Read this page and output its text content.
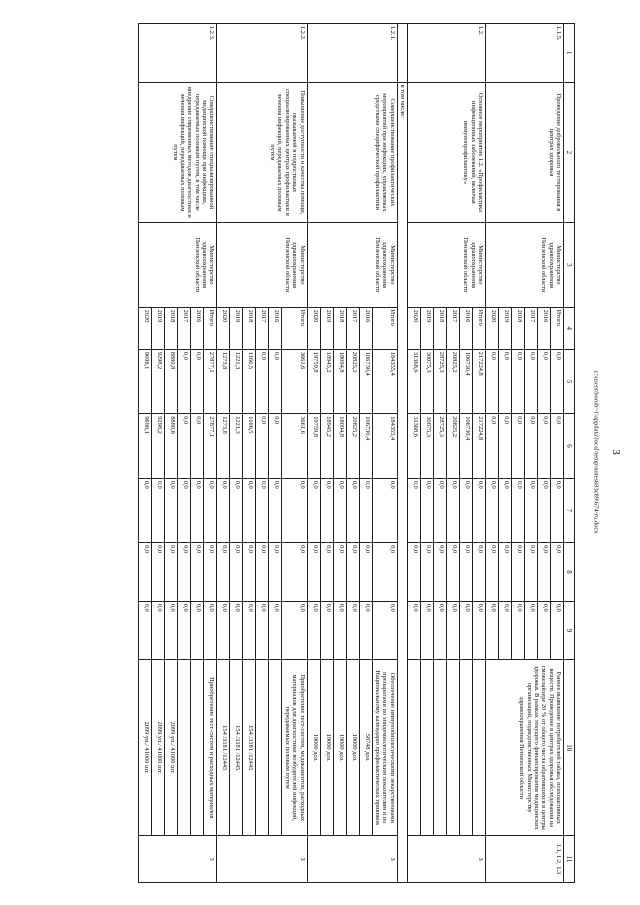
3
c:\users\boroh~1\appdata\local\temp\notes693c89\674-ru.docx
1	2	3	4	5	6	7	8	9	10	11
1.1.5.	Проведение добровольного тестирования в центрах здоровья	Министерство здравоохранения Пензенской области	Итого	0,0	0,0	0,0	0,0	0,0	Раннее выявление потребителей табака, психоактивных веществ. Проведение в центрах здоровья обследования на смокелайзере 20 % от общего числа обратившихся в центры здоровья. В рамках текущего финансирования медицинских организаций, подведомственных Министерству здравоохранения Пензенской области	1.1, 1.2, 1.3
			2016	0,0	0,0	0,0	0,0	0,0		
			2017	0,0	0,0	0,0	0,0	0,0		
			2018	0,0	0,0	0,0	0,0	0,0		
			2019	0,0	0,0	0,0	0,0	0,0		
			2020	0,0	0,0	0,0	0,0	0,0		
1.2.	Основное мероприятие 1.2. «Профилактика инфекционных заболеваний, включая иммунопрофилактику»	Министерство здравоохранения Пензенской области	Итого	217224,8	217224,8	0,0	0,0	0,0		3
			2016	106730,4	106730,4	0,0	0,0	0,0		
			2017	20825,2	20825,2	0,0	0,0	0,0		
			2018	28725,3	28725,3	0,0	0,0	0,0		
			2019	30075,3	30075,3	0,0	0,0	0,0		
			2020	31368,6	31368,6	0,0	0,0	0,0		
	в том числе:									
1.2.1.	Совершенствование профилактических мероприятий при инфекциях, управляемых средствами специфической профилактики	Министерство здравоохранения Пензенской области	Итого	184355,4	184355,4	0,0	0,0	0,0	Обеспечение иммунобиологическими лекарственными препаратами по эпидемиологическим показателям и по Национальному календарю профилактических прививок	3
			2016	106730,4	106730,4	0,0	0,0	0,0	58748 доз.	
			2017	20825,2	20825,2	0,0	0,0	0,0	19000 доз.	
			2018	18094,8	18094,8	0,0	0,0	0,0	19000 доз.	
			2019	18945,2	18945,2	0,0	0,0	0,0	19000 доз.	
			2020	19759,8	19759,8	0,0	0,0	0,0	19000 доз.	
1.2.2.	Повышение доступности и качества помощи, оказываемой в подростковых специализированных центрах профилактики и лечения инфекций, передаваемых половым путем	Министерство здравоохранения Пензенской области	Итого	3661,6	3661,6	0,0	0,0	0,0	Приобретение тест-систем, медикаментов, расходных материалов для диагностики возбудителей инфекций, передаваемых половым путем	3
			2016	0,0	0,0	0,0	0,0	0,0		
			2017	0,0	0,0	0,0	0,0	0,0		
			2018	1166,5	1166,5	0,0	0,0	0,0	154 /3181 /12445	
			2019	1221,3	1221,3	0,0	0,0	0,0	154 /3181 /12445	
			2020	1273,8	1273,8	0,0	0,0	0,0	154 /3181 /12445	
1.2.3.	Совершенствование специализированной медицинской помощи при инфекциях, передаваемых половым путем, в том числе внедрение современных методов диагностики и лечения инфекций, передаваемых половым путем	Министерство здравоохранения Пензенской области	Итого	27877,1	27877,1	0,0	0,0	0,0	Приобретение тест-систем и расходных материалов	3
			2016	0,0	0,0	0,0	0,0	0,0		
			2017	0,0	0,0	0,0	0,0	0,0		
			2018	8880,8	8880,8	0,0	0,0	0,0	2099 уп./ 41000 шт.	
			2019	9298,2	9298,2	0,0	0,0	0,0	2099 уп./ 41000 шт.	
			2020	9698,1	9698,1	0,0	0,0	0,0	2099 уп./ 41000 шт.	
